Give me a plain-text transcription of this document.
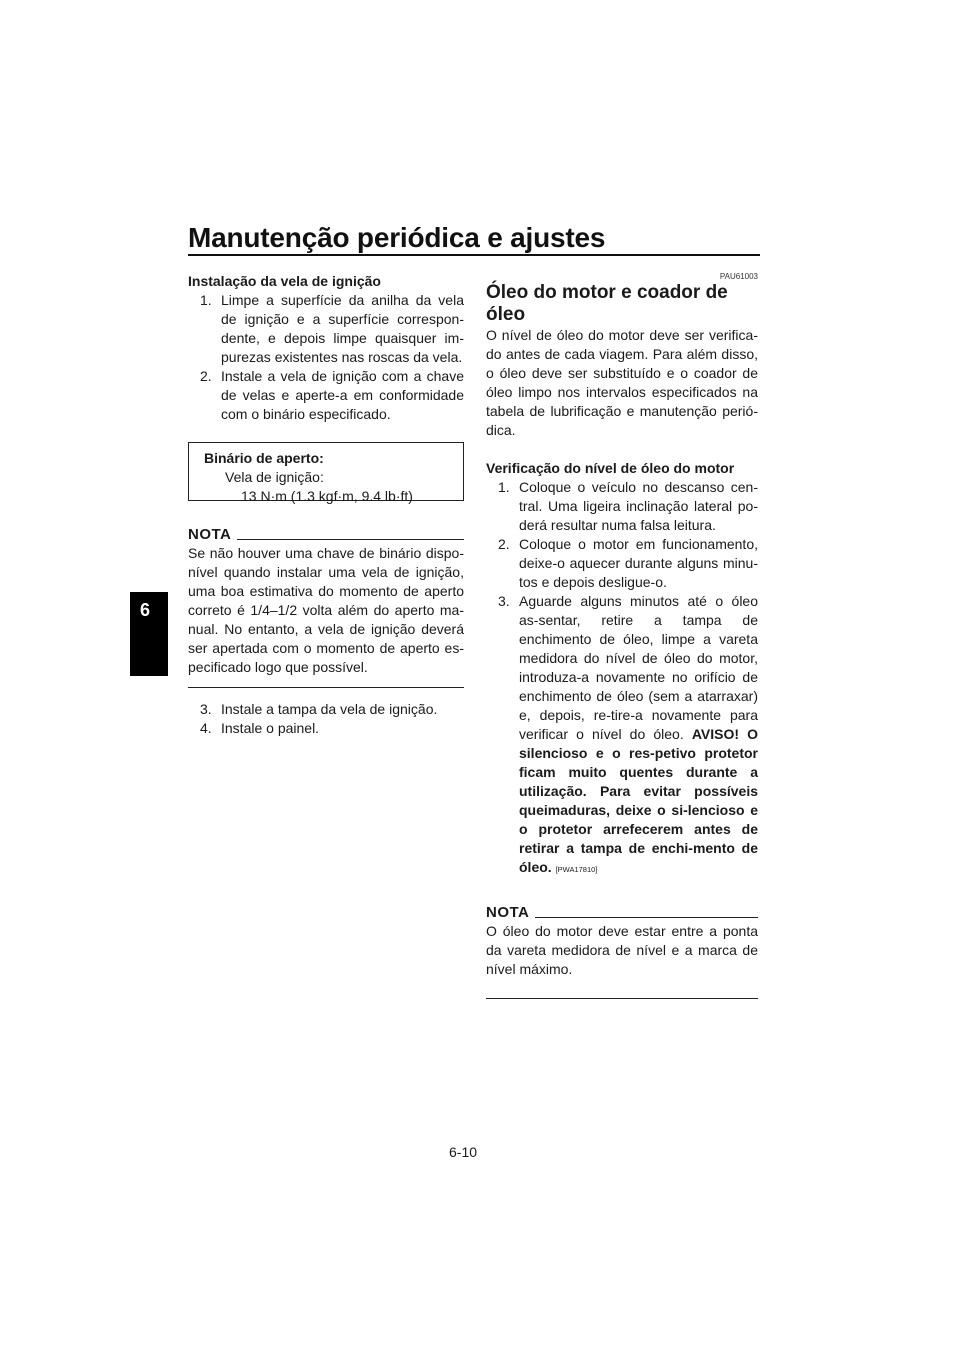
Manutenção periódica e ajustes
6

Instalação da vela de ignição

1. Limpe a superfície da anilha da vela de ignição e a superfície correspon-dente, e depois limpe quaisquer im-purezas existentes nas roscas da vela.
2. Instale a vela de ignição com a chave de velas e aperte-a em conformidade com o binário especificado.
Binário de aperto:
Vela de ignição:
13 N·m (1.3 kgf·m, 9.4 lb·ft)
NOTA

Se não houver uma chave de binário dispo-nível quando instalar uma vela de ignição, uma boa estimativa do momento de aperto correto é 1/4–1/2 volta além do aperto ma-nual. No entanto, a vela de ignição deverá ser apertada com o momento de aperto es-pecificado logo que possível.

3. Instale a tampa da vela de ignição.
4. Instale o painel.
PAU61003
Óleo do motor e coador de óleo

O nível de óleo do motor deve ser verifica-do antes de cada viagem. Para além disso, o óleo deve ser substituído e o coador de óleo limpo nos intervalos especificados na tabela de lubrificação e manutenção perió-dica.

Verificação do nível de óleo do motor

1. Coloque o veículo no descanso cen-tral. Uma ligeira inclinação lateral po-derá resultar numa falsa leitura.
2. Coloque o motor em funcionamento, deixe-o aquecer durante alguns minu-tos e depois desligue-o.
3. Aguarde alguns minutos até o óleo as-sentar, retire a tampa de enchimento de óleo, limpe a vareta medidora do nível de óleo do motor, introduza-a novamente no orifício de enchimento de óleo (sem a atarraxar) e, depois, re-tire-a novamente para verificar o nível do óleo. AVISO! O silencioso e o res-petivo protetor ficam muito quentes durante a utilização. Para evitar possíveis queimaduras, deixe o si-lencioso e o protetor arrefecerem antes de retirar a tampa de enchi-mento de óleo. [PWA17810]
NOTA

O óleo do motor deve estar entre a ponta da vareta medidora de nível e a marca de nível máximo.

6-10
